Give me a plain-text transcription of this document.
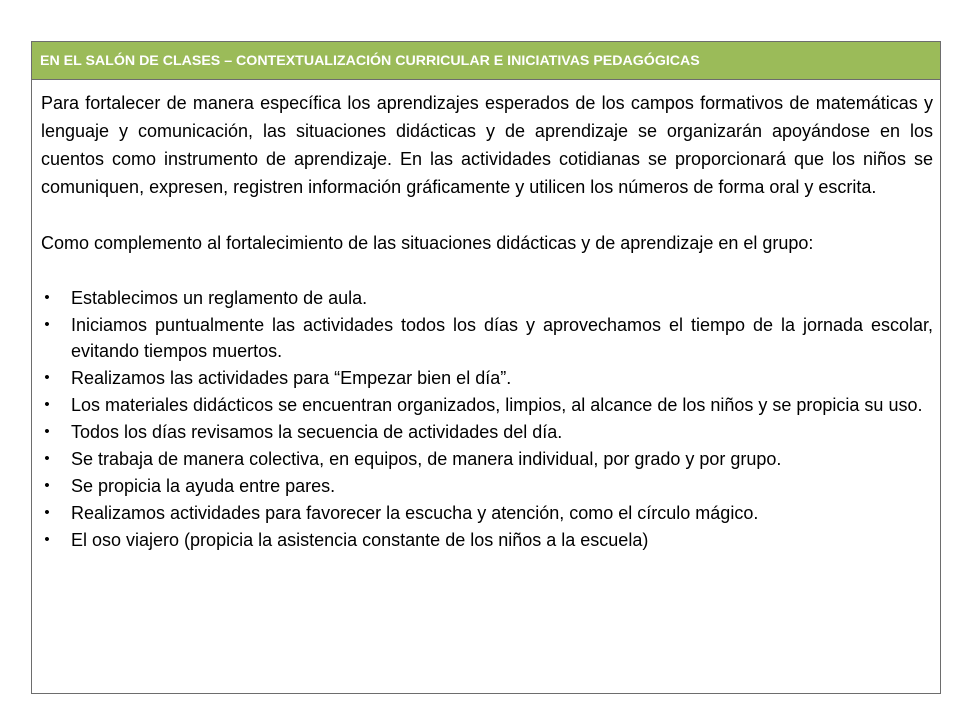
EN EL SALÓN DE CLASES – CONTEXTUALIZACIÓN CURRICULAR E INICIATIVAS PEDAGÓGICAS

Para fortalecer de manera específica los aprendizajes esperados de los campos formativos de matemáticas y lenguaje y comunicación, las situaciones didácticas y de aprendizaje se organizarán apoyándose en los cuentos como instrumento de aprendizaje. En las actividades cotidianas se proporcionará que los niños se comuniquen, expresen, registren información gráficamente y utilicen los números de forma oral y escrita.

Como complemento al fortalecimiento de las situaciones didácticas y de aprendizaje en el grupo:

• Establecimos un reglamento de aula.
• Iniciamos puntualmente las actividades todos los días y aprovechamos el tiempo de la jornada escolar, evitando tiempos muertos.
• Realizamos las actividades para “Empezar bien el día”.
• Los materiales didácticos se encuentran organizados, limpios, al alcance de los niños y se propicia su uso.
• Todos los días revisamos la secuencia de actividades del día.
• Se trabaja de manera colectiva, en equipos, de manera individual, por grado y por grupo.
• Se propicia la ayuda entre pares.
• Realizamos actividades para favorecer la escucha y atención, como el círculo mágico.
• El oso viajero (propicia la asistencia constante de los niños a la escuela)
